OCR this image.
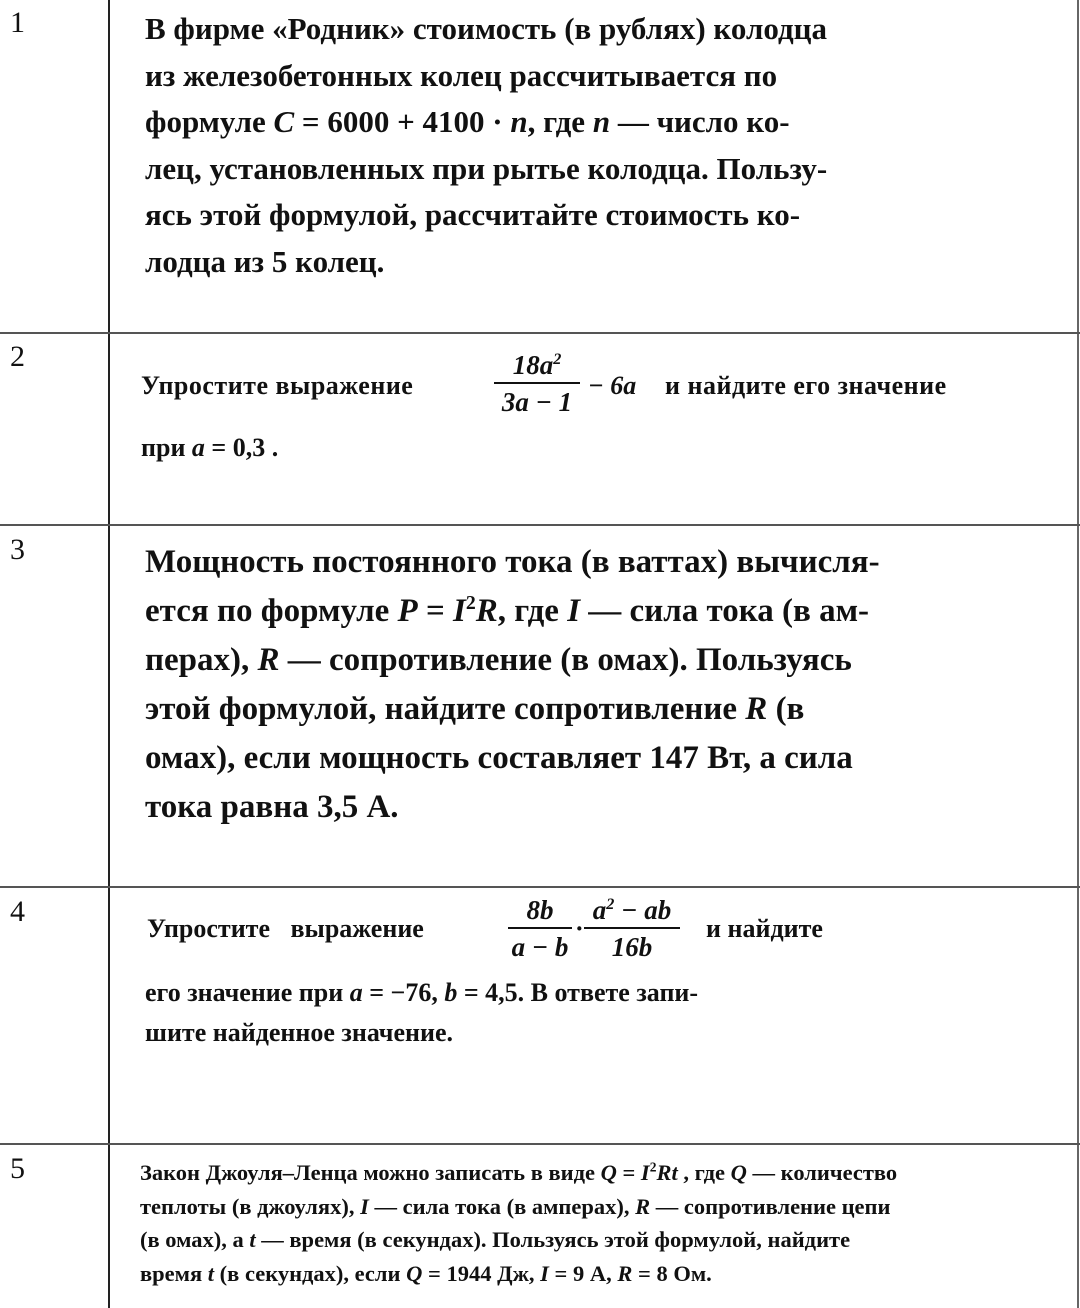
1	В фирме «Родник» стоимость (в рублях) колодца
из железобетонных колец рассчитывается по
формуле C = 6000 + 4100 · n, где n — число ко-
лец, установленных при рытье колодца. Пользу-
ясь этой формулой, рассчитайте стоимость ко-
лодца из 5 колец.
2
Упростите выражение
$18a^2$
3a − 1
− 6a и найдите его значение
при a = 0,3 .
3	Мощность постоянного тока (в ваттах) вычисля-
ется по формуле $P = I^2R$, где I — сила тока (в ам-
перах), R — сопротивление (в омах). Пользуясь
этой формулой, найдите сопротивление R (в
омах), если мощность составляет 147 Вт, а сила
тока равна 3,5 А.
4
Упростите выражение
8b
a − b
·
$a^2$ − ab
16b
и найдите
его значение при a = −76, b = 4,5. В ответе запи-
шите найденное значение.
5	Закон Джоуля–Ленца можно записать в виде $Q = I^2Rt$ , где Q — количество
теплоты (в джоулях), I — сила тока (в амперах), R — сопротивление цепи
(в омах), а t — время (в секундах). Пользуясь этой формулой, найдите
время t (в секундах), если Q = 1944 Дж, I = 9 А, R = 8 Ом.
